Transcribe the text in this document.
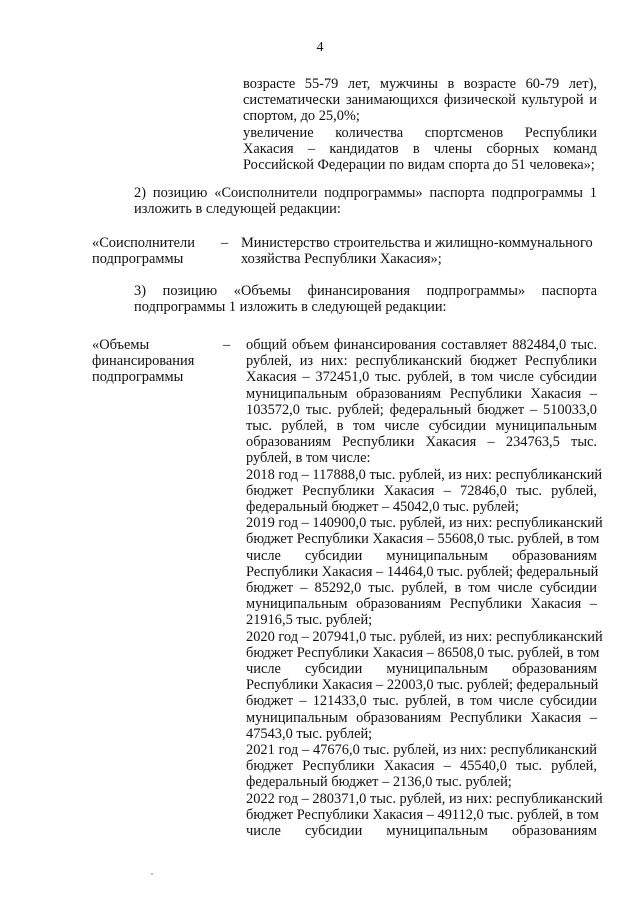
4
возрасте 55-79 лет, мужчины в возрасте 60-79 лет),
систематически занимающихся физической культурой и
спортом, до 25,0%;
увеличение количества спортсменов Республики
Хакасия – кандидатов в члены сборных команд
Российской Федерации по видам спорта до 51 человека»;
2) позицию «Соисполнители подпрограммы» паспорта подпрограммы 1
изложить в следующей редакции:
«Соисполнители
подпрограммы
– Министерство строительства и жилищно-коммунального
хозяйства Республики Хакасия»;
3) позицию «Объемы финансирования подпрограммы» паспорта
подпрограммы 1 изложить в следующей редакции:
«Объемы
финансирования
подпрограммы
– общий объем финансирования составляет 882484,0 тыс.
рублей, из них: республиканский бюджет Республики
Хакасия – 372451,0 тыс. рублей, в том числе субсидии
муниципальным образованиям Республики Хакасия –
103572,0 тыс. рублей; федеральный бюджет – 510033,0
тыс. рублей, в том числе субсидии муниципальным
образованиям Республики Хакасия – 234763,5 тыс.
рублей, в том числе:
2018 год – 117888,0 тыс. рублей, из них: республиканский
бюджет Республики Хакасия – 72846,0 тыс. рублей,
федеральный бюджет – 45042,0 тыс. рублей;
2019 год – 140900,0 тыс. рублей, из них: республиканский
бюджет Республики Хакасия – 55608,0 тыс. рублей, в том
числе субсидии муниципальным образованиям
Республики Хакасия – 14464,0 тыс. рублей; федеральный
бюджет – 85292,0 тыс. рублей, в том числе субсидии
муниципальным образованиям Республики Хакасия –
21916,5 тыс. рублей;
2020 год – 207941,0 тыс. рублей, из них: республиканский
бюджет Республики Хакасия – 86508,0 тыс. рублей, в том
числе субсидии муниципальным образованиям
Республики Хакасия – 22003,0 тыс. рублей; федеральный
бюджет – 121433,0 тыс. рублей, в том числе субсидии
муниципальным образованиям Республики Хакасия –
47543,0 тыс. рублей;
2021 год – 47676,0 тыс. рублей, из них: республиканский
бюджет Республики Хакасия – 45540,0 тыс. рублей,
федеральный бюджет – 2136,0 тыс. рублей;
2022 год – 280371,0 тыс. рублей, из них: республиканский
бюджет Республики Хакасия – 49112,0 тыс. рублей, в том
числе субсидии муниципальным образованиям
